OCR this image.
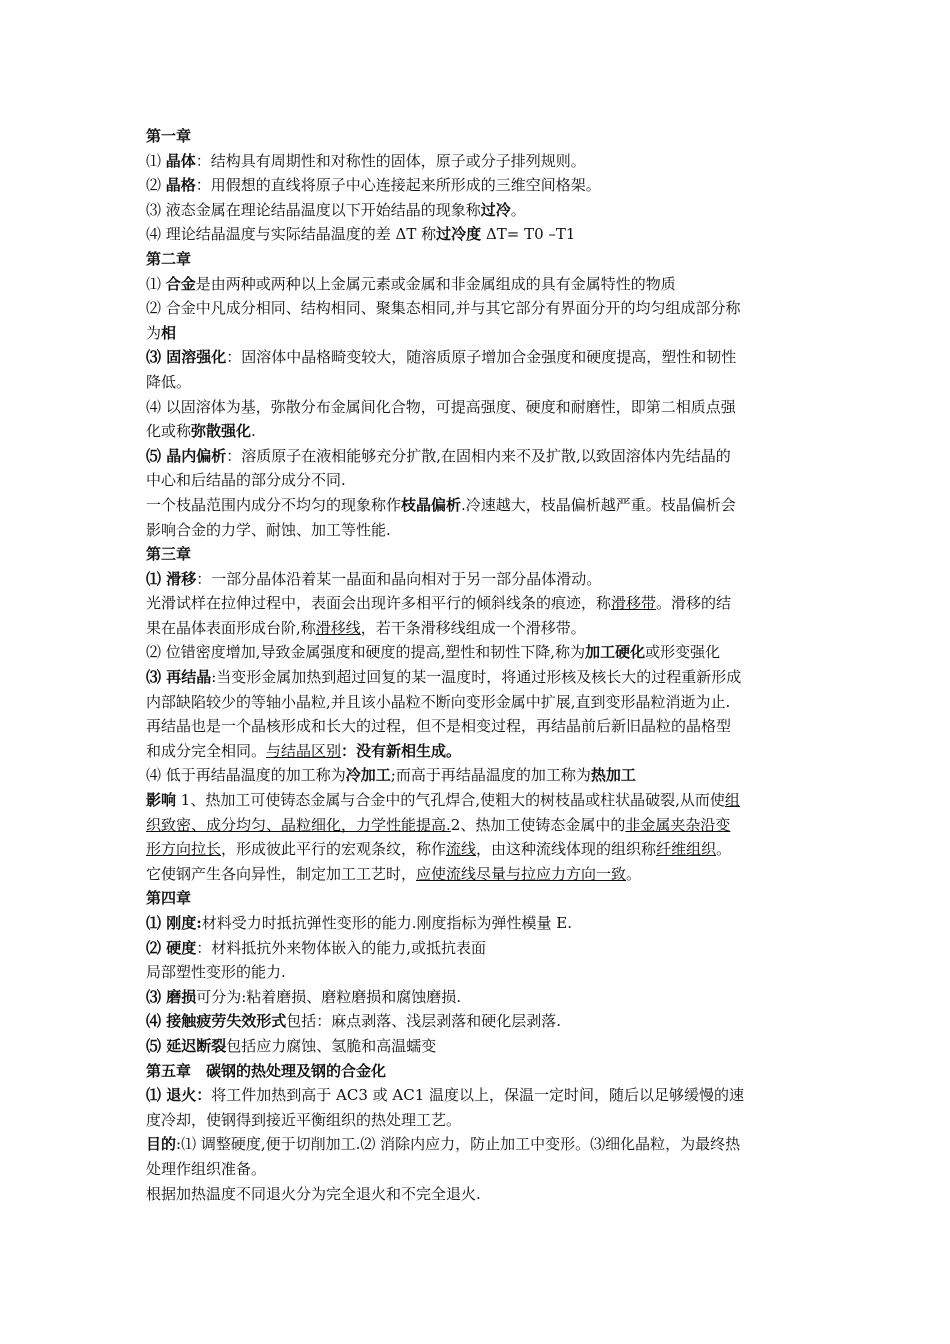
第一章
⑴ 晶体：结构具有周期性和对称性的固体，原子或分子排列规则。
⑵ 晶格：用假想的直线将原子中心连接起来所形成的三维空间格架。
⑶ 液态金属在理论结晶温度以下开始结晶的现象称过冷。
⑷ 理论结晶温度与实际结晶温度的差 ΔT 称过冷度 ΔT= T0 –T1
第二章
⑴ 合金是由两种或两种以上金属元素或金属和非金属组成的具有金属特性的物质
⑵ 合金中凡成分相同、结构相同、聚集态相同,并与其它部分有界面分开的均匀组成部分称
为相
⑶ 固溶强化：固溶体中晶格畸变较大，随溶质原子增加合金强度和硬度提高，塑性和韧性
降低。
⑷ 以固溶体为基，弥散分布金属间化合物，可提高强度、硬度和耐磨性，即第二相质点强
化或称弥散强化.
⑸ 晶内偏析：溶质原子在液相能够充分扩散,在固相内来不及扩散,以致固溶体内先结晶的
中心和后结晶的部分成分不同.
一个枝晶范围内成分不均匀的现象称作枝晶偏析.冷速越大，枝晶偏析越严重。枝晶偏析会
影响合金的力学、耐蚀、加工等性能.
第三章
⑴ 滑移：一部分晶体沿着某一晶面和晶向相对于另一部分晶体滑动。
光滑试样在拉伸过程中，表面会出现许多相平行的倾斜线条的痕迹，称滑移带。滑移的结
果在晶体表面形成台阶,称滑移线，若干条滑移线组成一个滑移带。
⑵ 位错密度增加,导致金属强度和硬度的提高,塑性和韧性下降,称为加工硬化或形变强化
⑶ 再结晶:当变形金属加热到超过回复的某一温度时，将通过形核及核长大的过程重新形成
内部缺陷较少的等轴小晶粒,并且该小晶粒不断向变形金属中扩展,直到变形晶粒消逝为止.
再结晶也是一个晶核形成和长大的过程，但不是相变过程，再结晶前后新旧晶粒的晶格型
和成分完全相同。与结晶区别：没有新相生成。
⑷ 低于再结晶温度的加工称为冷加工;而高于再结晶温度的加工称为热加工
影响 1、热加工可使铸态金属与合金中的气孔焊合,使粗大的树枝晶或柱状晶破裂,从而使组
织致密、成分均匀、晶粒细化，力学性能提高.2、热加工使铸态金属中的非金属夹杂沿变
形方向拉长，形成彼此平行的宏观条纹，称作流线，由这种流线体现的组织称纤维组织。
它使钢产生各向异性，制定加工工艺时，应使流线尽量与拉应力方向一致。
第四章
⑴ 刚度:材料受力时抵抗弹性变形的能力.刚度指标为弹性模量 E.
⑵ 硬度：材料抵抗外来物体嵌入的能力,或抵抗表面
局部塑性变形的能力.
⑶ 磨损可分为:粘着磨损、磨粒磨损和腐蚀磨损.
⑷ 接触疲劳失效形式包括：麻点剥落、浅层剥落和硬化层剥落.
⑸ 延迟断裂包括应力腐蚀、氢脆和高温蠕变
第五章　碳钢的热处理及钢的合金化
⑴ 退火：将工件加热到高于 AC3 或 AC1 温度以上，保温一定时间，随后以足够缓慢的速
度冷却，使钢得到接近平衡组织的热处理工艺。
目的:⑴ 调整硬度,便于切削加工.⑵ 消除内应力，防止加工中变形。⑶细化晶粒，为最终热
处理作组织准备。
根据加热温度不同退火分为完全退火和不完全退火.
